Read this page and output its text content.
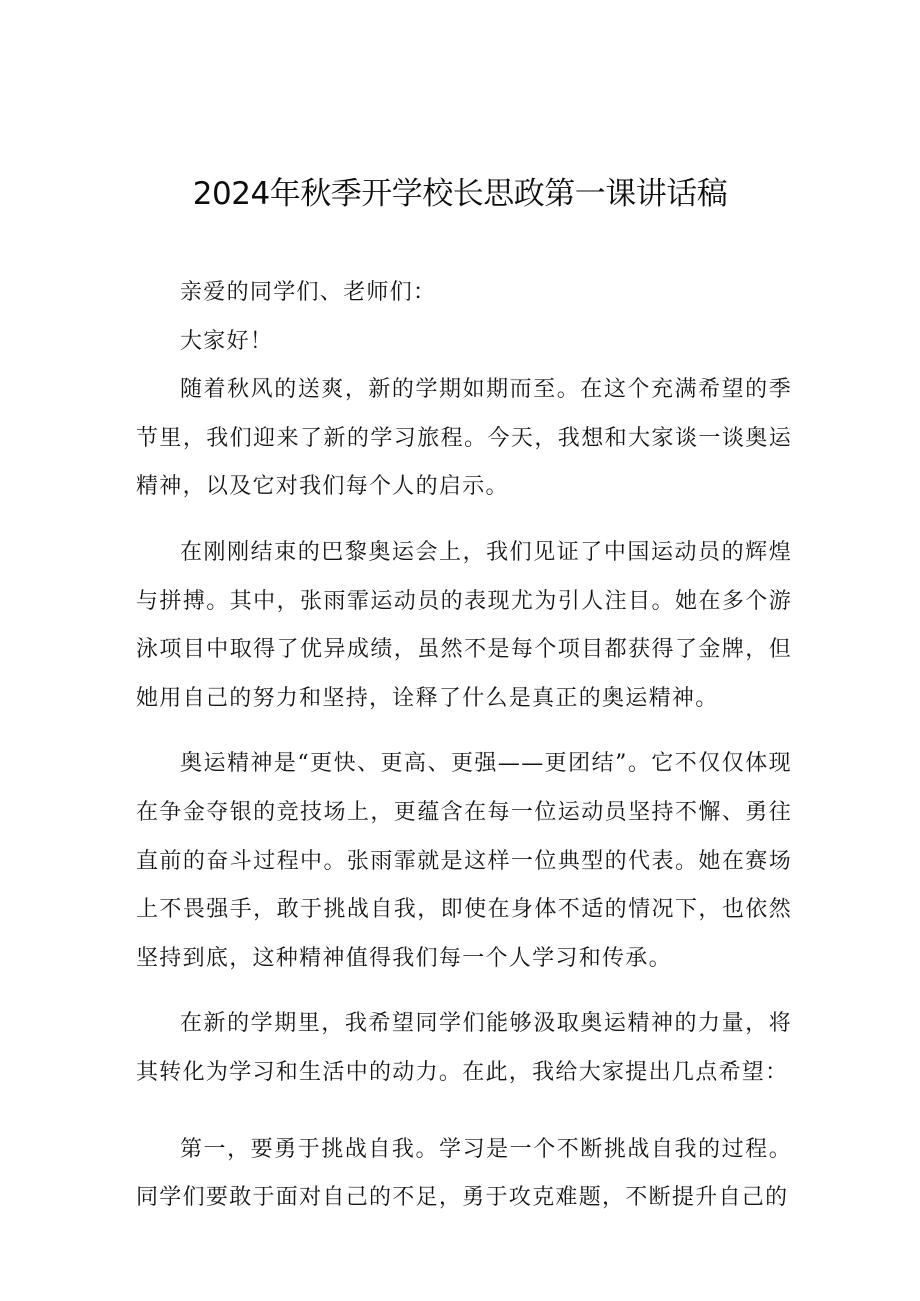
2024年秋季开学校长思政第一课讲话稿

亲爱的同学们、老师们：

大家好！

随着秋风的送爽，新的学期如期而至。在这个充满希望的季节里，我们迎来了新的学习旅程。今天，我想和大家谈一谈奥运精神，以及它对我们每个人的启示。

在刚刚结束的巴黎奥运会上，我们见证了中国运动员的辉煌与拼搏。其中，张雨霏运动员的表现尤为引人注目。她在多个游泳项目中取得了优异成绩，虽然不是每个项目都获得了金牌，但她用自己的努力和坚持，诠释了什么是真正的奥运精神。

奥运精神是“更快、更高、更强——更团结”。它不仅仅体现在争金夺银的竞技场上，更蕴含在每一位运动员坚持不懈、勇往直前的奋斗过程中。张雨霏就是这样一位典型的代表。她在赛场上不畏强手，敢于挑战自我，即使在身体不适的情况下，也依然坚持到底，这种精神值得我们每一个人学习和传承。

在新的学期里，我希望同学们能够汲取奥运精神的力量，将其转化为学习和生活中的动力。在此，我给大家提出几点希望：

第一，要勇于挑战自我。学习是一个不断挑战自我的过程。同学们要敢于面对自己的不足，勇于攻克难题，不断提升自己的
